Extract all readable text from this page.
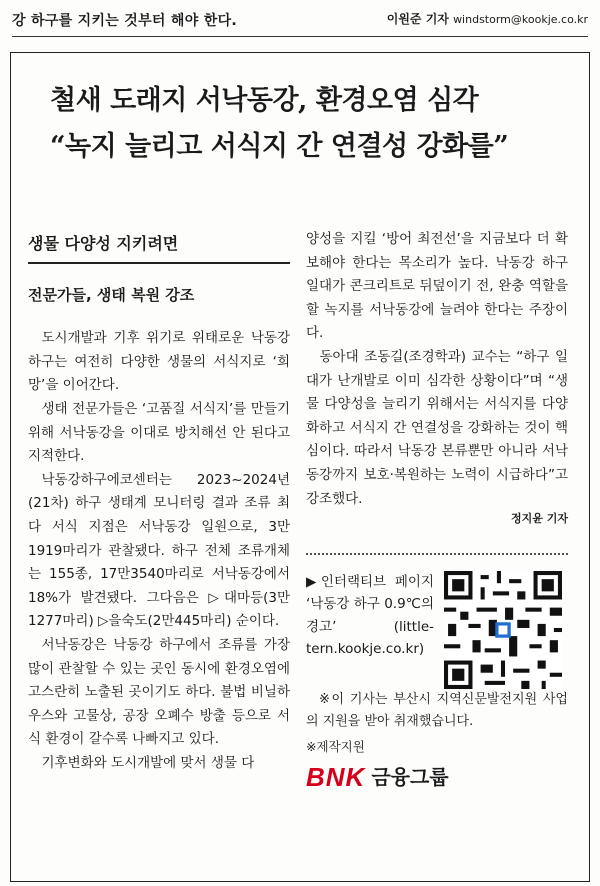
강 하구를 지키는 것부터 해야 한다.	이원준 기자 windstorm@kookje.co.kr
철새 도래지 서낙동강, 환경오염 심각
“녹지 늘리고 서식지 간 연결성 강화를”
생물 다양성 지키려면
전문가들, 생태 복원 강조

도시개발과 기후 위기로 위태로운 낙동강 하구는 여전히 다양한 생물의 서식지로 ‘희망’을 이어간다.

생태 전문가들은 ‘고품질 서식지’를 만들기 위해 서낙동강을 이대로 방치해선 안 된다고 지적한다.

낙동강하구에코센터는 2023~2024년(21차) 하구 생태계 모니터링 결과 조류 최다 서식 지점은 서낙동강 일원으로, 3만1919마리가 관찰됐다. 하구 전체 조류개체는 155종, 17만3540마리로 서낙동강에서 18%가 발견됐다. 그다음은 ▷대마등(3만1277마리) ▷을숙도(2만445마리) 순이다.

서낙동강은 낙동강 하구에서 조류를 가장 많이 관찰할 수 있는 곳인 동시에 환경오염에 고스란히 노출된 곳이기도 하다. 불법 비닐하우스와 고물상, 공장 오폐수 방출 등으로 서식 환경이 갈수록 나빠지고 있다.

기후변화와 도시개발에 맞서 생물 다

양성을 지킬 ‘방어 최전선’을 지금보다 더 확보해야 한다는 목소리가 높다. 낙동강 하구 일대가 콘크리트로 뒤덮이기 전, 완충 역할을 할 녹지를 서낙동강에 늘려야 한다는 주장이다.

동아대 조동길(조경학과) 교수는 “하구 일대가 난개발로 이미 심각한 상황이다”며 “생물 다양성을 늘리기 위해서는 서식지를 다양화하고 서식지 간 연결성을 강화하는 것이 핵심이다. 따라서 낙동강 본류뿐만 아니라 서낙동강까지 보호·복원하는 노력이 시급하다”고 강조했다.

정지윤 기자
▶인터랙티브 페이지 ‘낙동강 하구 0.9℃의 경고’ (little-tern.kookje.co.kr)

※이 기사는 부산시 지역신문발전지원 사업의 지원을 받아 취재했습니다.

※제작지원
BNK 금융그룹
